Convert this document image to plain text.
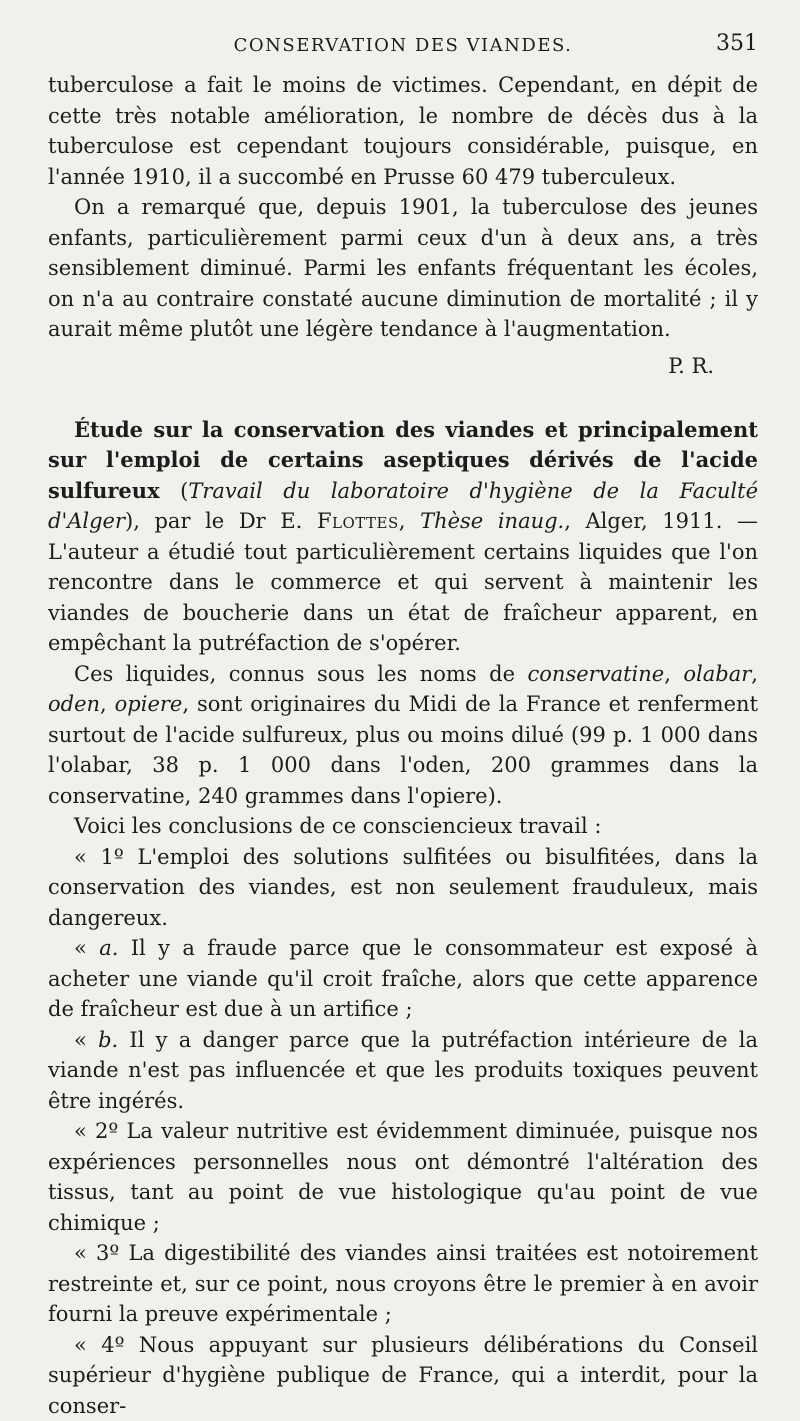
CONSERVATION DES VIANDES.	351

tuberculose a fait le moins de victimes. Cependant, en dépit de cette très notable amélioration, le nombre de décès dus à la tuberculose est cependant toujours considérable, puisque, en l'année 1910, il a succombé en Prusse 60 479 tuberculeux.

On a remarqué que, depuis 1901, la tuberculose des jeunes enfants, particulièrement parmi ceux d'un à deux ans, a très sensiblement diminué. Parmi les enfants fréquentant les écoles, on n'a au contraire constaté aucune diminution de mortalité ; il y aurait même plutôt une légère tendance à l'augmentation.

P. R.

Étude sur la conservation des viandes et principalement sur l'emploi de certains aseptiques dérivés de l'acide sulfureux (Travail du laboratoire d'hygiène de la Faculté d'Alger), par le Dr E. Flottes, Thèse inaug., Alger, 1911. — L'auteur a étudié tout particulièrement certains liquides que l'on rencontre dans le commerce et qui servent à maintenir les viandes de boucherie dans un état de fraîcheur apparent, en empêchant la putréfaction de s'opérer.

Ces liquides, connus sous les noms de conservatine, olabar, oden, opiere, sont originaires du Midi de la France et renferment surtout de l'acide sulfureux, plus ou moins dilué (99 p. 1 000 dans l'olabar, 38 p. 1 000 dans l'oden, 200 grammes dans la conservatine, 240 grammes dans l'opiere).

Voici les conclusions de ce consciencieux travail :

« 1º L'emploi des solutions sulfitées ou bisulfitées, dans la conservation des viandes, est non seulement frauduleux, mais dangereux.

« a. Il y a fraude parce que le consommateur est exposé à acheter une viande qu'il croit fraîche, alors que cette apparence de fraîcheur est due à un artifice ;

« b. Il y a danger parce que la putréfaction intérieure de la viande n'est pas influencée et que les produits toxiques peuvent être ingérés.

« 2º La valeur nutritive est évidemment diminuée, puisque nos expériences personnelles nous ont démontré l'altération des tissus, tant au point de vue histologique qu'au point de vue chimique ;

« 3º La digestibilité des viandes ainsi traitées est notoirement restreinte et, sur ce point, nous croyons être le premier à en avoir fourni la preuve expérimentale ;

« 4º Nous appuyant sur plusieurs délibérations du Conseil supérieur d'hygiène publique de France, qui a interdit, pour la conser-
